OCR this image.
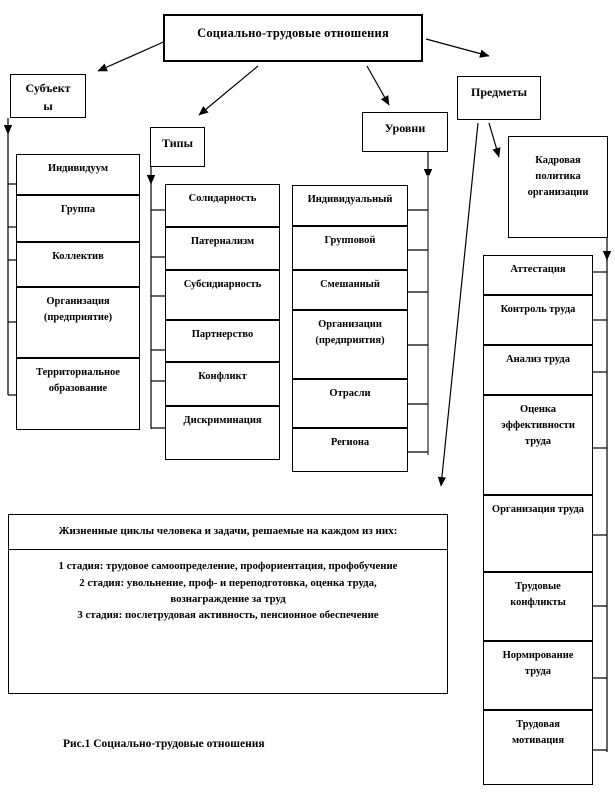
Социально-трудовые отношения
Субъекты
Типы
Уровни
Предметы
Кадровая политика организации
Индивидуум
Группа
Коллектив
Организация (предприятие)
Территориальное образование
Солидарность
Патернализм
Субсидиарность
Партнерство
Конфликт
Дискриминация
Индивидуальный
Групповой
Смешанный
Организации (предприятия)
Отрасли
Региона
Аттестация
Контроль труда
Анализ труда
Оценка эффективности труда
Организация труда
Трудовые конфликты
Нормирование труда
Трудовая мотивация
Жизненные циклы человека и задачи, решаемые на каждом из них:
1 стадия: трудовое самоопределение, профориентация, профобучение
2 стадия: увольнение, проф- и переподготовка, оценка труда,
вознаграждение за труд
3 стадия: послетрудовая активность, пенсионное обеспечение
Рис.1 Социально-трудовые отношения
